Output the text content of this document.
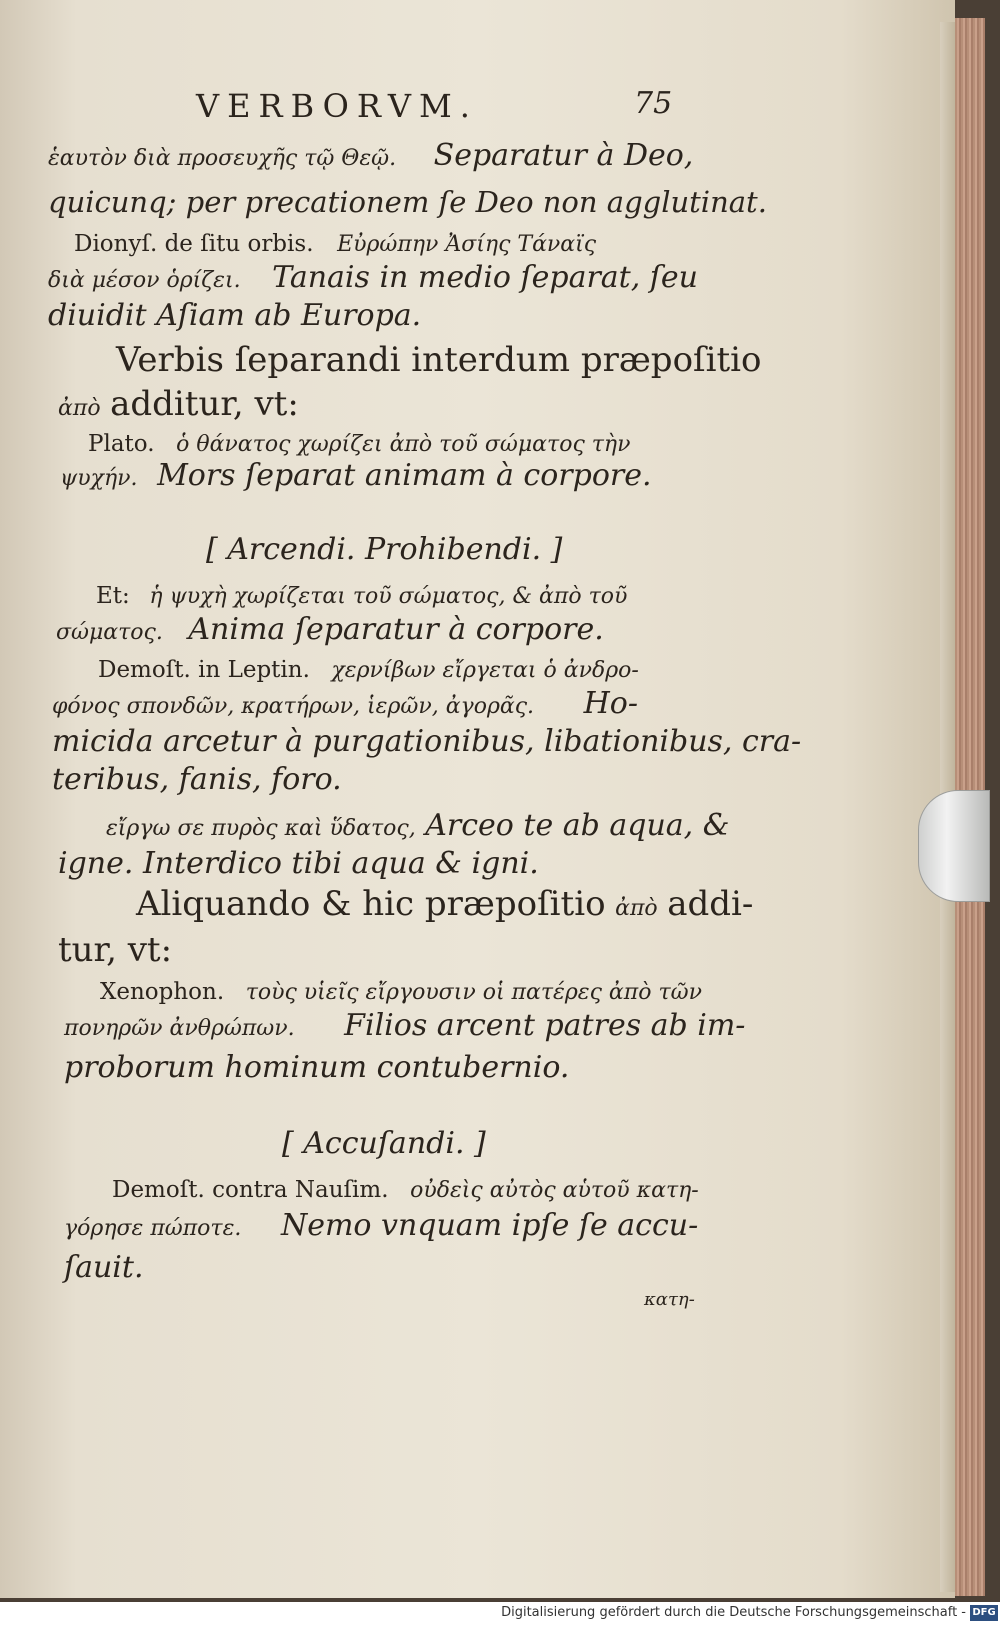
VERBORVM.	75
ἑαυτὸν διὰ προσευχῆς τῷ Θεῷ. Separatur à Deo,
quicunq; per precationem ſe Deo non agglutinat.
Dionyſ. de ſitu orbis. Εὐρώπην Ἀσίης Τάναϊς
διὰ μέσον ὁρίζει. Tanais in medio ſeparat, ſeu
diuidit Aſiam ab Europa.
Verbis ſeparandi interdum præpoſitio
ἀπὸ additur, vt:
Plato. ὁ θάνατος χωρίζει ἀπὸ τοῦ σώματος τὴν
ψυχήν. Mors ſeparat animam à corpore.
[ Arcendi. Prohibendi. ]
Et: ἡ ψυχὴ χωρίζεται τοῦ σώματος, & ἀπὸ τοῦ
σώματος. Anima ſeparatur à corpore.
Demoſt. in Leptin. χερνίβων εἴργεται ὁ ἀνδρο-
φόνος σπονδῶν, κρατήρων, ἱερῶν, ἀγορᾶς. Ho-
micida arcetur à purgationibus, libationibus, cra-
teribus, fanis, foro.
εἴργω σε πυρὸς καὶ ὕδατος, Arceo te ab aqua, &
igne. Interdico tibi aqua & igni.
Aliquando & hic præpoſitio ἀπὸ addi-
tur, vt:
Xenophon. τοὺς υἱεῖς εἴργουσιν οἱ πατέρες ἀπὸ τῶν
πονηρῶν ἀνθρώπων. Filios arcent patres ab im-
proborum hominum contubernio.
[ Accuſandi. ]
Demoſt. contra Nauſim. οὐδεὶς αὐτὸς αὑτοῦ κατη-
γόρησε πώποτε. Nemo vnquam ipſe ſe accu-
ſauit.
κατη-
Digitalisierung gefördert durch die Deutsche Forschungsgemeinschaft - DFG
